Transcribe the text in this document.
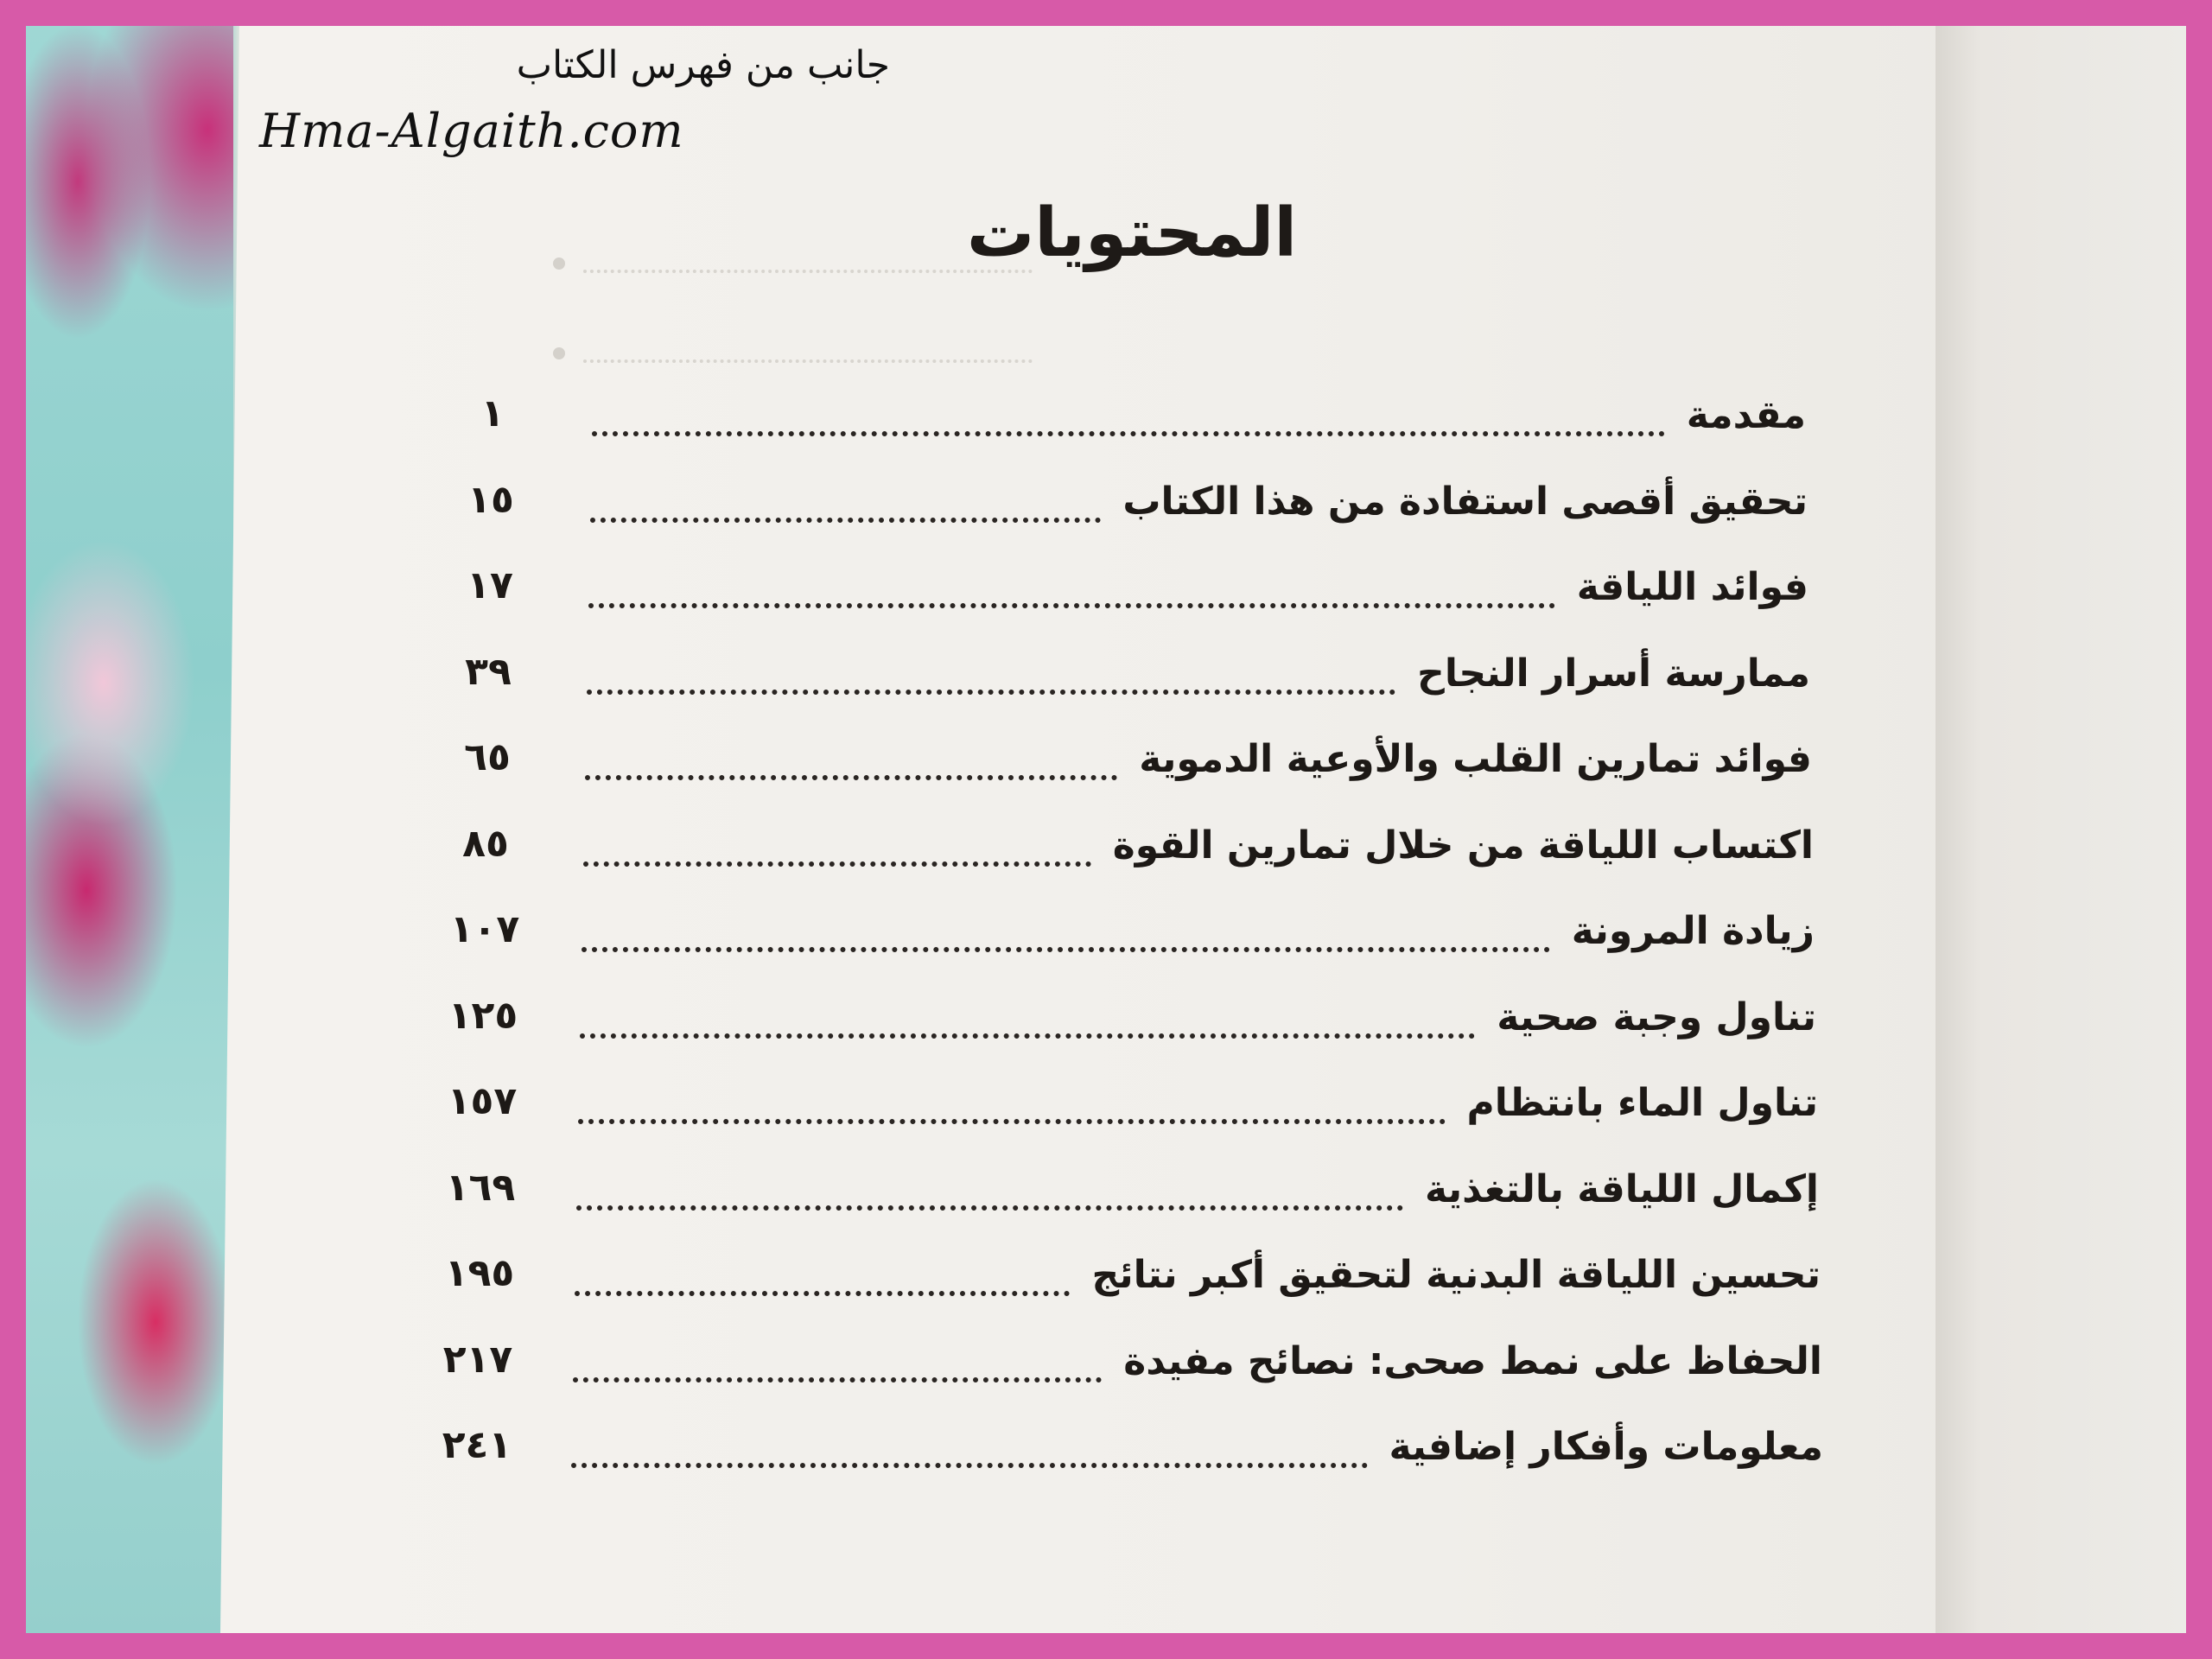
جانب من فهرس الكتاب
Hma-Algaith.com
المحتويات
١	مقدمة
١٥	تحقيق أقصى استفادة من هذا الكتاب
١٧	فوائد اللياقة
٣٩	ممارسة أسرار النجاح
٦٥	فوائد تمارين القلب والأوعية الدموية
٨٥	اكتساب اللياقة من خلال تمارين القوة
١٠٧	زيادة المرونة
١٢٥	تناول وجبة صحية
١٥٧	تناول الماء بانتظام
١٦٩	إكمال اللياقة بالتغذية
١٩٥	تحسين اللياقة البدنية لتحقيق أكبر نتائج
٢١٧	الحفاظ على نمط صحى: نصائح مفيدة
٢٤١	معلومات وأفكار إضافية
